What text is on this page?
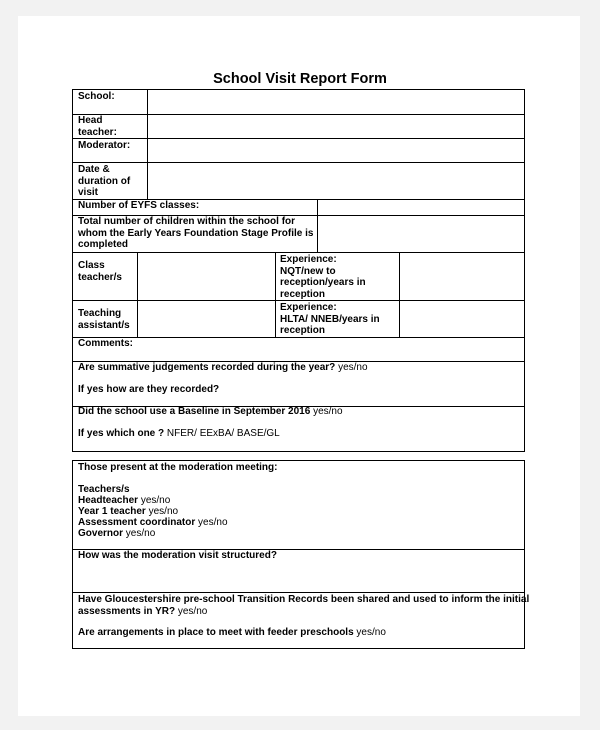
School Visit Report Form

School:

Head
teacher:

Moderator:

Date &
duration of
visit

Number of EYFS classes:

Total number of children within the school for
whom the Early Years Foundation Stage Profile is
completed

Class
teacher/s

Experience:
NQT/new to
reception/years in
reception

Teaching
assistant/s

Experience:
HLTA/ NNEB/years in
reception

Comments:

Are summative judgements recorded during the year? yes/no

If yes how are they recorded?

Did the school use a Baseline in September 2016 yes/no

If yes which one ? NFER/ EExBA/ BASE/GL

Those present at the moderation meeting:

Teachers/s

Headteacher yes/no

Year 1 teacher yes/no

Assessment coordinator yes/no

Governor yes/no

How was the moderation visit structured?

Have Gloucestershire pre-school Transition Records been shared and used to inform the initial
assessments in YR? yes/no

Are arrangements in place to meet with feeder preschools yes/no
